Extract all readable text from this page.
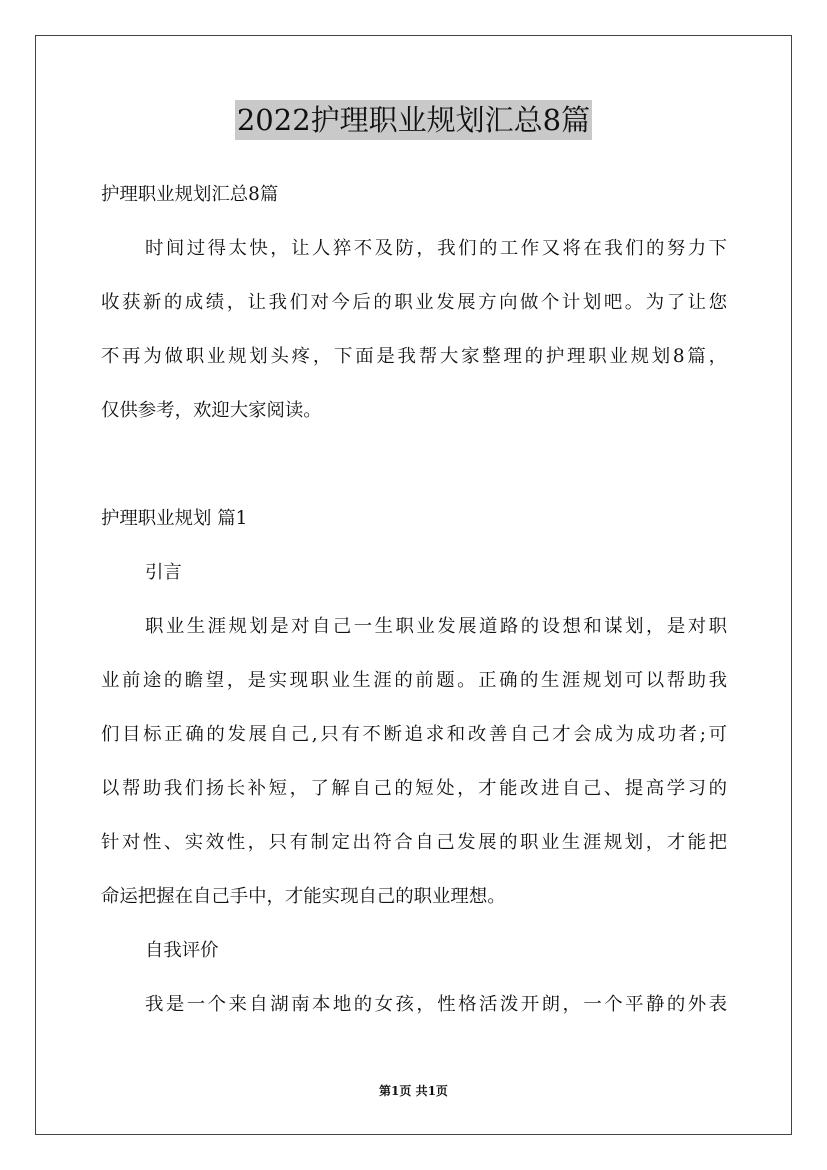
2022护理职业规划汇总8篇
护理职业规划汇总8篇
时间过得太快，让人猝不及防，我们的工作又将在我们的努力下
收获新的成绩，让我们对今后的职业发展方向做个计划吧。为了让您
不再为做职业规划头疼，下面是我帮大家整理的护理职业规划8篇，
仅供参考，欢迎大家阅读。
护理职业规划 篇1
引言
职业生涯规划是对自己一生职业发展道路的设想和谋划，是对职
业前途的瞻望，是实现职业生涯的前题。正确的生涯规划可以帮助我
们目标正确的发展自己,只有不断追求和改善自己才会成为成功者;可
以帮助我们扬长补短，了解自己的短处，才能改进自己、提高学习的
针对性、实效性，只有制定出符合自己发展的职业生涯规划，才能把
命运把握在自己手中，才能实现自己的职业理想。
自我评价
我是一个来自湖南本地的女孩，性格活泼开朗，一个平静的外表
第1页 共1页
